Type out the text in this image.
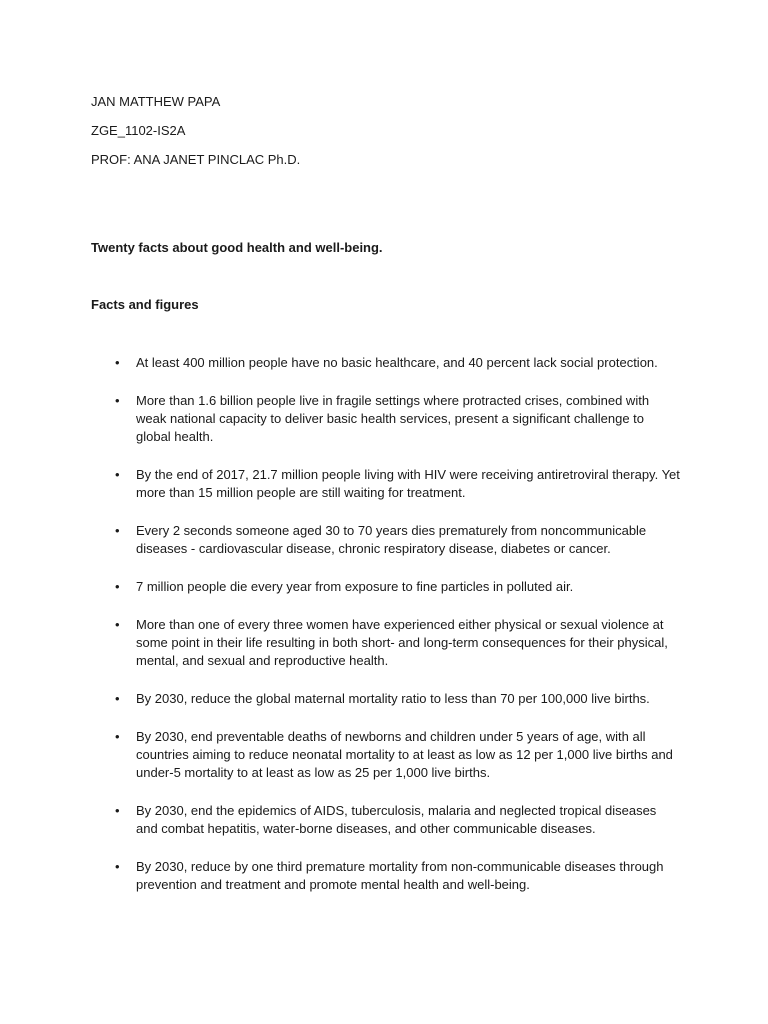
JAN MATTHEW PAPA

ZGE_1102-IS2A

PROF: ANA JANET PINCLAC Ph.D.

Twenty facts about good health and well-being.

Facts and figures

• At least 400 million people have no basic healthcare, and 40 percent lack social protection.
• More than 1.6 billion people live in fragile settings where protracted crises, combined with weak national capacity to deliver basic health services, present a significant challenge to global health.
• By the end of 2017, 21.7 million people living with HIV were receiving antiretroviral therapy. Yet more than 15 million people are still waiting for treatment.
• Every 2 seconds someone aged 30 to 70 years dies prematurely from noncommunicable diseases - cardiovascular disease, chronic respiratory disease, diabetes or cancer.
• 7 million people die every year from exposure to fine particles in polluted air.
• More than one of every three women have experienced either physical or sexual violence at some point in their life resulting in both short- and long-term consequences for their physical, mental, and sexual and reproductive health.
• By 2030, reduce the global maternal mortality ratio to less than 70 per 100,000 live births.
• By 2030, end preventable deaths of newborns and children under 5 years of age, with all countries aiming to reduce neonatal mortality to at least as low as 12 per 1,000 live births and under-5 mortality to at least as low as 25 per 1,000 live births.
• By 2030, end the epidemics of AIDS, tuberculosis, malaria and neglected tropical diseases and combat hepatitis, water-borne diseases, and other communicable diseases.
• By 2030, reduce by one third premature mortality from non-communicable diseases through prevention and treatment and promote mental health and well-being.
